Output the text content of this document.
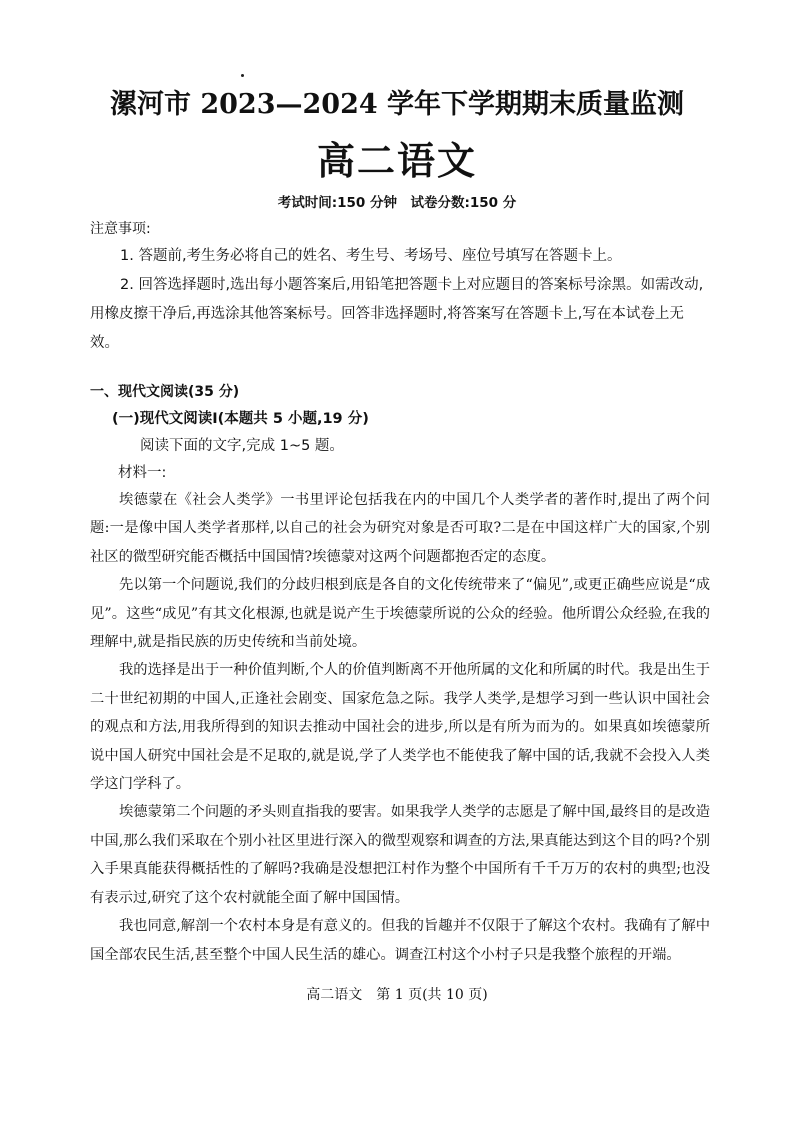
漯河市 2023—2024 学年下学期期末质量监测
高二语文
考试时间:150 分钟　试卷分数:150 分
注意事项:

1. 答题前,考生务必将自己的姓名、考生号、考场号、座位号填写在答题卡上。

2. 回答选择题时,选出每小题答案后,用铅笔把答题卡上对应题目的答案标号涂黑。如需改动,用橡皮擦干净后,再选涂其他答案标号。回答非选择题时,将答案写在答题卡上,写在本试卷上无效。

一、现代文阅读(35 分)
(一)现代文阅读Ⅰ(本题共 5 小题,19 分)
阅读下面的文字,完成 1~5 题。
材料一:

埃德蒙在《社会人类学》一书里评论包括我在内的中国几个人类学者的著作时,提出了两个问题:一是像中国人类学者那样,以自己的社会为研究对象是否可取?二是在中国这样广大的国家,个别社区的微型研究能否概括中国国情?埃德蒙对这两个问题都抱否定的态度。

先以第一个问题说,我们的分歧归根到底是各自的文化传统带来了“偏见”,或更正确些应说是“成见”。这些“成见”有其文化根源,也就是说产生于埃德蒙所说的公众的经验。他所谓公众经验,在我的理解中,就是指民族的历史传统和当前处境。

我的选择是出于一种价值判断,个人的价值判断离不开他所属的文化和所属的时代。我是出生于二十世纪初期的中国人,正逢社会剧变、国家危急之际。我学人类学,是想学习到一些认识中国社会的观点和方法,用我所得到的知识去推动中国社会的进步,所以是有所为而为的。如果真如埃德蒙所说中国人研究中国社会是不足取的,就是说,学了人类学也不能使我了解中国的话,我就不会投入人类学这门学科了。

埃德蒙第二个问题的矛头则直指我的要害。如果我学人类学的志愿是了解中国,最终目的是改造中国,那么我们采取在个别小社区里进行深入的微型观察和调查的方法,果真能达到这个目的吗?个别入手果真能获得概括性的了解吗?我确是没想把江村作为整个中国所有千千万万的农村的典型;也没有表示过,研究了这个农村就能全面了解中国国情。

我也同意,解剖一个农村本身是有意义的。但我的旨趣并不仅限于了解这个农村。我确有了解中国全部农民生活,甚至整个中国人民生活的雄心。调查江村这个小村子只是我整个旅程的开端。

高二语文　第 1 页(共 10 页)
